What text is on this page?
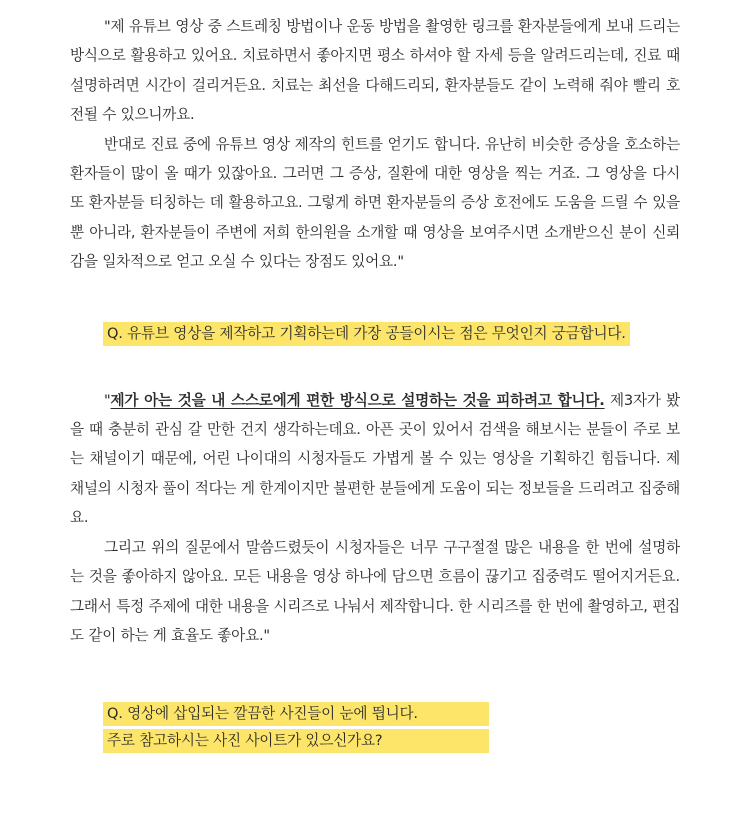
"제 유튜브 영상 중 스트레칭 방법이나 운동 방법을 촬영한 링크를 환자분들에게 보내 드리는 방식으로 활용하고 있어요. 치료하면서 좋아지면 평소 하셔야 할 자세 등을 알려드리는데, 진료 때 설명하려면 시간이 걸리거든요. 치료는 최선을 다해드리되, 환자분들도 같이 노력해 줘야 빨리 호전될 수 있으니까요.

반대로 진료 중에 유튜브 영상 제작의 힌트를 얻기도 합니다. 유난히 비슷한 증상을 호소하는 환자들이 많이 올 때가 있잖아요. 그러면 그 증상, 질환에 대한 영상을 찍는 거죠. 그 영상을 다시 또 환자분들 티칭하는 데 활용하고요. 그렇게 하면 환자분들의 증상 호전에도 도움을 드릴 수 있을 뿐 아니라, 환자분들이 주변에 저희 한의원을 소개할 때 영상을 보여주시면 소개받으신 분이 신뢰감을 일차적으로 얻고 오실 수 있다는 장점도 있어요."

Q. 유튜브 영상을 제작하고 기획하는데 가장 공들이시는 점은 무엇인지 궁금합니다.

"제가 아는 것을 내 스스로에게 편한 방식으로 설명하는 것을 피하려고 합니다. 제3자가 봤을 때 충분히 관심 갈 만한 건지 생각하는데요. 아픈 곳이 있어서 검색을 해보시는 분들이 주로 보는 채널이기 때문에, 어린 나이대의 시청자들도 가볍게 볼 수 있는 영상을 기획하긴 힘듭니다. 제 채널의 시청자 풀이 적다는 게 한계이지만 불편한 분들에게 도움이 되는 정보들을 드리려고 집중해요.

그리고 위의 질문에서 말씀드렸듯이 시청자들은 너무 구구절절 많은 내용을 한 번에 설명하는 것을 좋아하지 않아요. 모든 내용을 영상 하나에 담으면 흐름이 끊기고 집중력도 떨어지거든요. 그래서 특정 주제에 대한 내용을 시리즈로 나눠서 제작합니다. 한 시리즈를 한 번에 촬영하고, 편집도 같이 하는 게 효율도 좋아요."

Q. 영상에 삽입되는 깔끔한 사진들이 눈에 띕니다.
주로 참고하시는 사진 사이트가 있으신가요?
